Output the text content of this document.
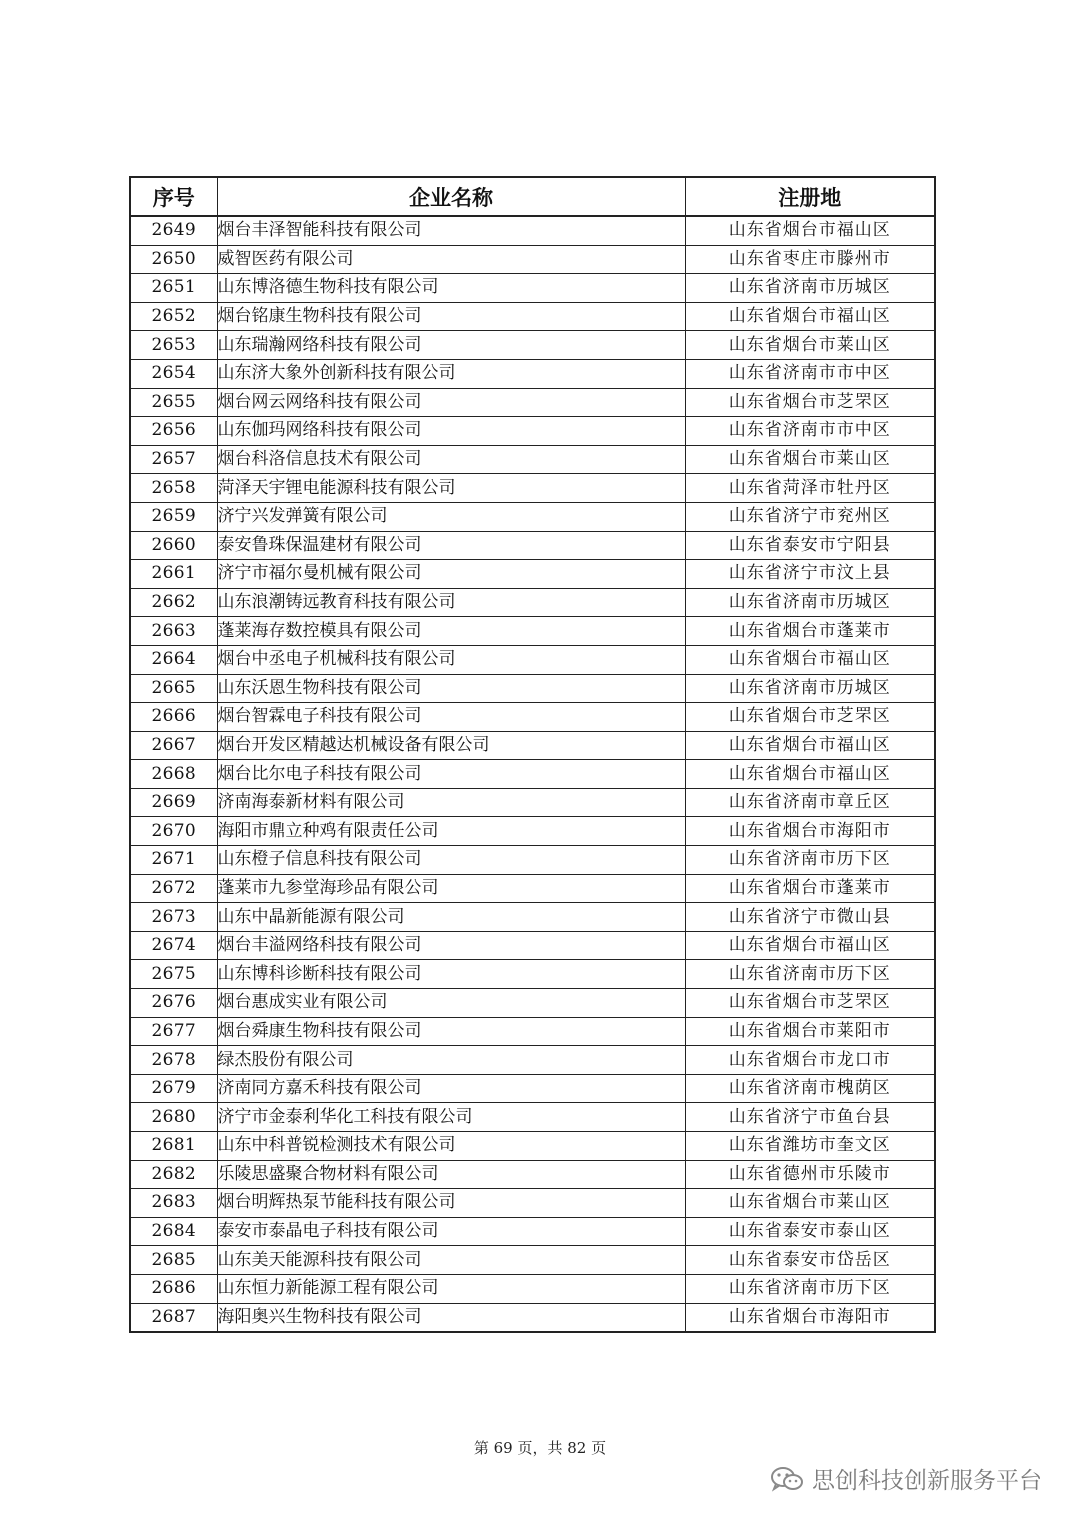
序号	企业名称	注册地
2649	烟台丰泽智能科技有限公司	山东省烟台市福山区
2650	威智医药有限公司	山东省枣庄市滕州市
2651	山东博洛德生物科技有限公司	山东省济南市历城区
2652	烟台铭康生物科技有限公司	山东省烟台市福山区
2653	山东瑞瀚网络科技有限公司	山东省烟台市莱山区
2654	山东济大象外创新科技有限公司	山东省济南市市中区
2655	烟台网云网络科技有限公司	山东省烟台市芝罘区
2656	山东伽玛网络科技有限公司	山东省济南市市中区
2657	烟台科洛信息技术有限公司	山东省烟台市莱山区
2658	菏泽天宇锂电能源科技有限公司	山东省菏泽市牡丹区
2659	济宁兴发弹簧有限公司	山东省济宁市兖州区
2660	泰安鲁珠保温建材有限公司	山东省泰安市宁阳县
2661	济宁市福尔曼机械有限公司	山东省济宁市汶上县
2662	山东浪潮铸远教育科技有限公司	山东省济南市历城区
2663	蓬莱海存数控模具有限公司	山东省烟台市蓬莱市
2664	烟台中丞电子机械科技有限公司	山东省烟台市福山区
2665	山东沃恩生物科技有限公司	山东省济南市历城区
2666	烟台智霖电子科技有限公司	山东省烟台市芝罘区
2667	烟台开发区精越达机械设备有限公司	山东省烟台市福山区
2668	烟台比尔电子科技有限公司	山东省烟台市福山区
2669	济南海泰新材料有限公司	山东省济南市章丘区
2670	海阳市鼎立种鸡有限责任公司	山东省烟台市海阳市
2671	山东橙子信息科技有限公司	山东省济南市历下区
2672	蓬莱市九参堂海珍品有限公司	山东省烟台市蓬莱市
2673	山东中晶新能源有限公司	山东省济宁市微山县
2674	烟台丰溢网络科技有限公司	山东省烟台市福山区
2675	山东博科诊断科技有限公司	山东省济南市历下区
2676	烟台惠成实业有限公司	山东省烟台市芝罘区
2677	烟台舜康生物科技有限公司	山东省烟台市莱阳市
2678	绿杰股份有限公司	山东省烟台市龙口市
2679	济南同方嘉禾科技有限公司	山东省济南市槐荫区
2680	济宁市金泰利华化工科技有限公司	山东省济宁市鱼台县
2681	山东中科普锐检测技术有限公司	山东省潍坊市奎文区
2682	乐陵思盛聚合物材料有限公司	山东省德州市乐陵市
2683	烟台明辉热泵节能科技有限公司	山东省烟台市莱山区
2684	泰安市泰晶电子科技有限公司	山东省泰安市泰山区
2685	山东美天能源科技有限公司	山东省泰安市岱岳区
2686	山东恒力新能源工程有限公司	山东省济南市历下区
2687	海阳奥兴生物科技有限公司	山东省烟台市海阳市
第 69 页，共 82 页
思创科技创新服务平台
